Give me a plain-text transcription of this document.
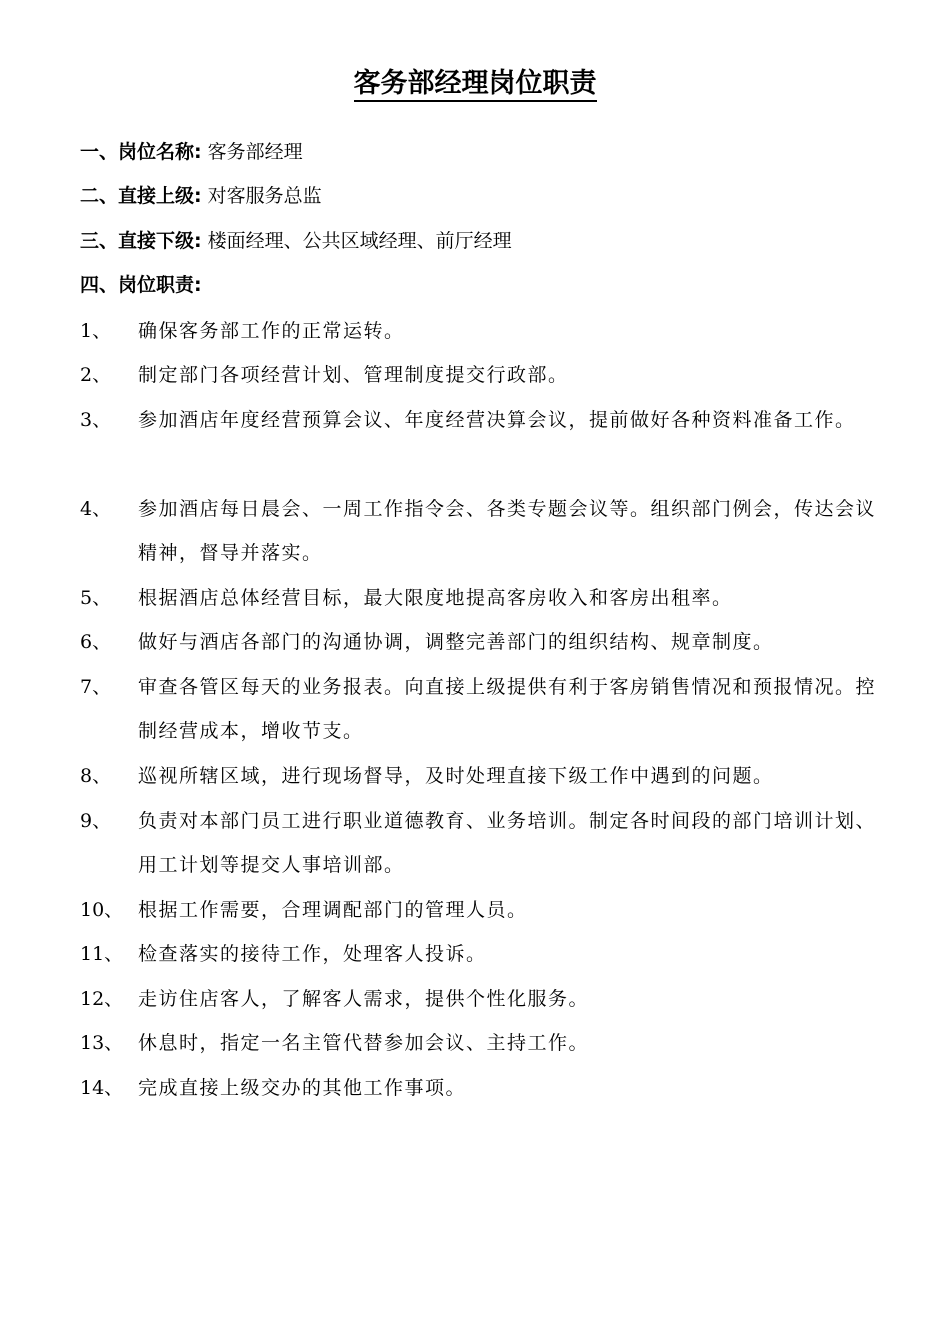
客务部经理岗位职责
一、岗位名称: 客务部经理
二、直接上级: 对客服务总监
三、直接下级: 楼面经理、公共区域经理、前厅经理
四、岗位职责:
1、	确保客务部工作的正常运转。
2、	制定部门各项经营计划、管理制度提交行政部。
3、	参加酒店年度经营预算会议、年度经营决算会议，提前做好各种资料准备工作。
4、	参加酒店每日晨会、一周工作指令会、各类专题会议等。组织部门例会，传达会议精神，督导并落实。
5、	根据酒店总体经营目标，最大限度地提高客房收入和客房出租率。
6、	做好与酒店各部门的沟通协调，调整完善部门的组织结构、规章制度。
7、	审查各管区每天的业务报表。向直接上级提供有利于客房销售情况和预报情况。控制经营成本，增收节支。
8、	巡视所辖区域，进行现场督导，及时处理直接下级工作中遇到的问题。
9、	负责对本部门员工进行职业道德教育、业务培训。制定各时间段的部门培训计划、用工计划等提交人事培训部。
10、 根据工作需要，合理调配部门的管理人员。
11、 检查落实的接待工作，处理客人投诉。
12、 走访住店客人，了解客人需求，提供个性化服务。
13、 休息时，指定一名主管代替参加会议、主持工作。
14、 完成直接上级交办的其他工作事项。
